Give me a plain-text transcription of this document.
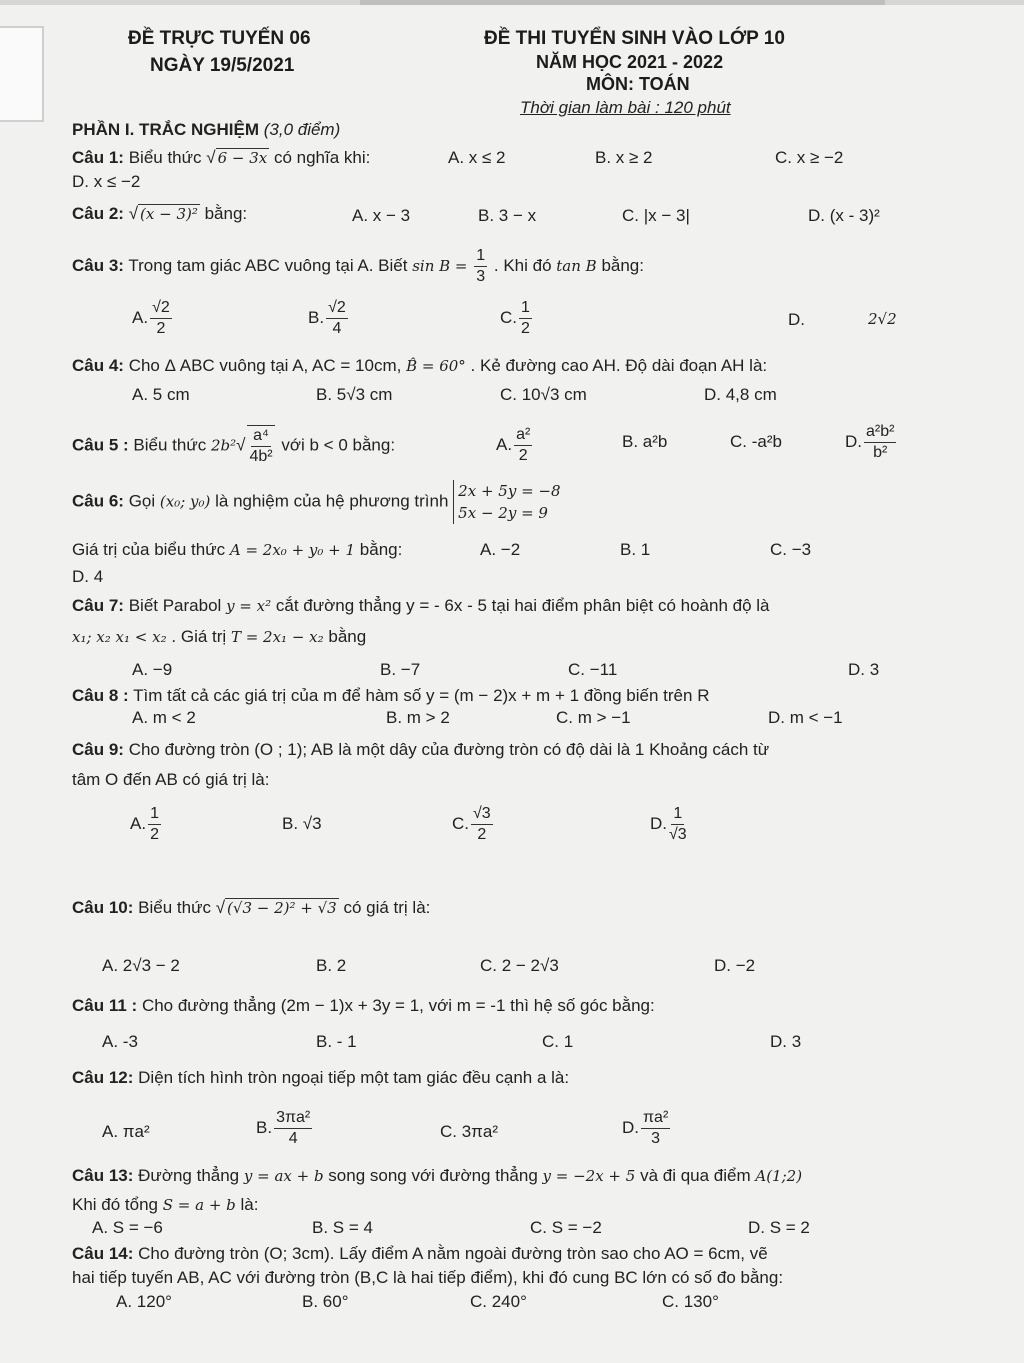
ĐỀ TRỰC TUYẾN 06
NGÀY 19/5/2021
ĐỀ THI TUYỂN SINH VÀO LỚP 10
NĂM HỌC 2021 - 2022
MÔN: TOÁN
Thời gian làm bài : 120 phút
PHẦN I. TRẮC NGHIỆM (3,0 điểm)
Câu 1: Biểu thức √ 6 − 3x có nghĩa khi:	A. x ≤ 2	B. x ≥ 2	C. x ≥ −2
D. x ≤ −2
Câu 2: √ (x − 3)² bằng:	A. x − 3	B. 3 − x	C. |x − 3|	D. (x - 3)²
Câu 3: Trong tam giác ABC vuông tại A. Biết $\sin B = \frac{1}{3}$ . Khi đó tan B bằng:
A. $\frac{√2}{2}$	B. $\frac{√2}{4}$	C. $\frac{1}{2}$	D.	2√2
Câu 4: Cho Δ ABC vuông tại A, AC = 10cm, B̂ = 60° . Kẻ đường cao AH. Độ dài đoạn AH là:
A. 5 cm	B. 5√3 cm	C. 10√3 cm	D. 4,8 cm
Câu 5 : Biểu thức $2b^2√ \frac{\text{a⁴}}{\text{4b²}}$ với b < 0 bằng:	A. $\frac{\text{a²}}{2}$	B. a²b	C. -a²b	D. $\frac{\text{a²b²}}{\text{b²}}$
Câu 6: Gọi (x₀; y₀) là nghiệm của hệ phương trình
2x + 5y = −8
5x − 2y = 9
Giá trị của biểu thức A = 2x₀ + y₀ + 1 bằng:	A. −2	B. 1	C. −3
D. 4
Câu 7: Biết Parabol y = x² cắt đường thẳng y = - 6x - 5 tại hai điểm phân biệt có hoành độ là
x₁; x₂ x₁ < x₂ . Giá trị T = 2x₁ − x₂ bằng
A. −9	B. −7	C. −11	D. 3
Câu 8 : Tìm tất cả các giá trị của m để hàm số y = (m − 2)x + m + 1 đồng biến trên R
A. m < 2	B. m > 2	C. m > −1	D. m < −1
Câu 9: Cho đường tròn (O ; 1); AB là một dây của đường tròn có độ dài là 1 Khoảng cách từ
tâm O đến AB có giá trị là:
A. $\frac{1}{2}$	B. √3	C. $\frac{√3}{2}$	D. $\frac{1}{√3}$
Câu 10: Biểu thức √ (√3 − 2)² + √3 có giá trị là:
A. 2√3 − 2	B. 2	C. 2 − 2√3	D. −2
Câu 11 : Cho đường thẳng (2m − 1)x + 3y = 1, với m = -1 thì hệ số góc bằng:
A. -3	B. - 1	C. 1	D. 3
Câu 12: Diện tích hình tròn ngoại tiếp một tam giác đều cạnh a là:
A. πa²	B. $\frac{\text{3πa²}}{4}$	C. 3πa²	D. $\frac{\text{πa²}}{3}$
Câu 13: Đường thẳng y = ax + b song song với đường thẳng y = −2x + 5 và đi qua điểm A(1;2)
Khi đó tổng S = a + b là:
A. S = −6	B. S = 4	C. S = −2	D. S = 2
Câu 14: Cho đường tròn (O; 3cm). Lấy điểm A nằm ngoài đường tròn sao cho AO = 6cm, vẽ
hai tiếp tuyến AB, AC với đường tròn (B,C là hai tiếp điểm), khi đó cung BC lớn có số đo bằng:
A. 120°	B. 60°	C. 240°	C. 130°
